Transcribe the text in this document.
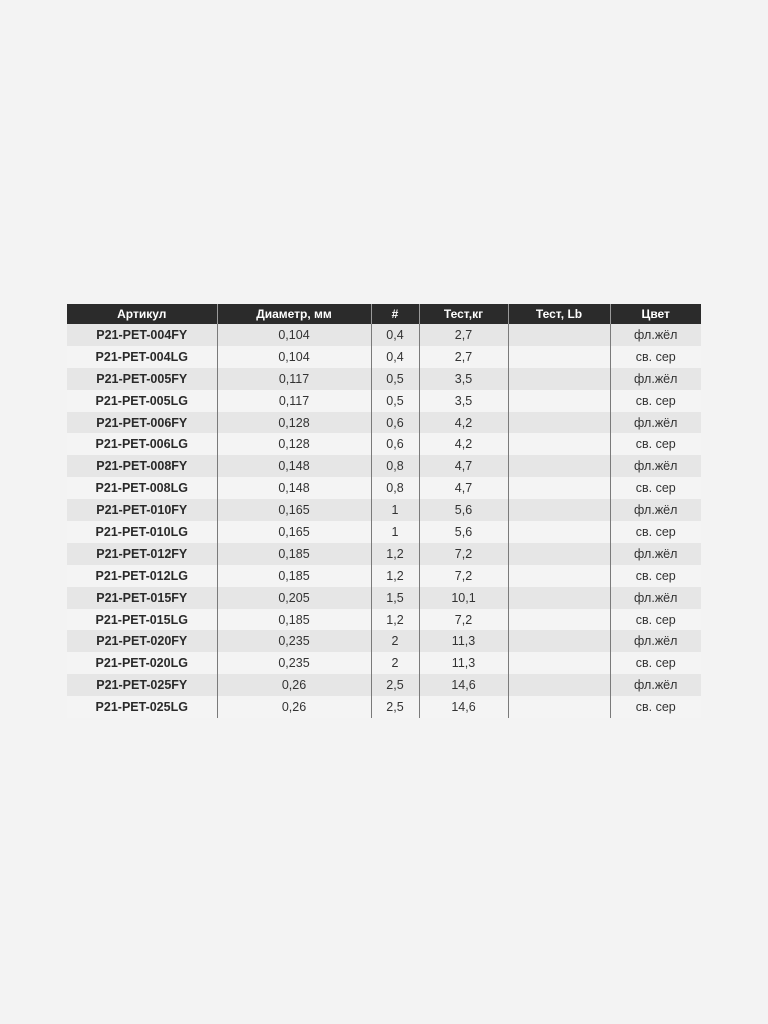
Артикул	Диаметр, мм	#	Тест,кг	Тест, Lb	Цвет
P21-PET-004FY	0,104	0,4	2,7		фл.жёл
P21-PET-004LG	0,104	0,4	2,7		св. сер
P21-PET-005FY	0,117	0,5	3,5		фл.жёл
P21-PET-005LG	0,117	0,5	3,5		св. сер
P21-PET-006FY	0,128	0,6	4,2		фл.жёл
P21-PET-006LG	0,128	0,6	4,2		св. сер
P21-PET-008FY	0,148	0,8	4,7		фл.жёл
P21-PET-008LG	0,148	0,8	4,7		св. сер
P21-PET-010FY	0,165	1	5,6		фл.жёл
P21-PET-010LG	0,165	1	5,6		св. сер
P21-PET-012FY	0,185	1,2	7,2		фл.жёл
P21-PET-012LG	0,185	1,2	7,2		св. сер
P21-PET-015FY	0,205	1,5	10,1		фл.жёл
P21-PET-015LG	0,185	1,2	7,2		св. сер
P21-PET-020FY	0,235	2	11,3		фл.жёл
P21-PET-020LG	0,235	2	11,3		св. сер
P21-PET-025FY	0,26	2,5	14,6		фл.жёл
P21-PET-025LG	0,26	2,5	14,6		св. сер
